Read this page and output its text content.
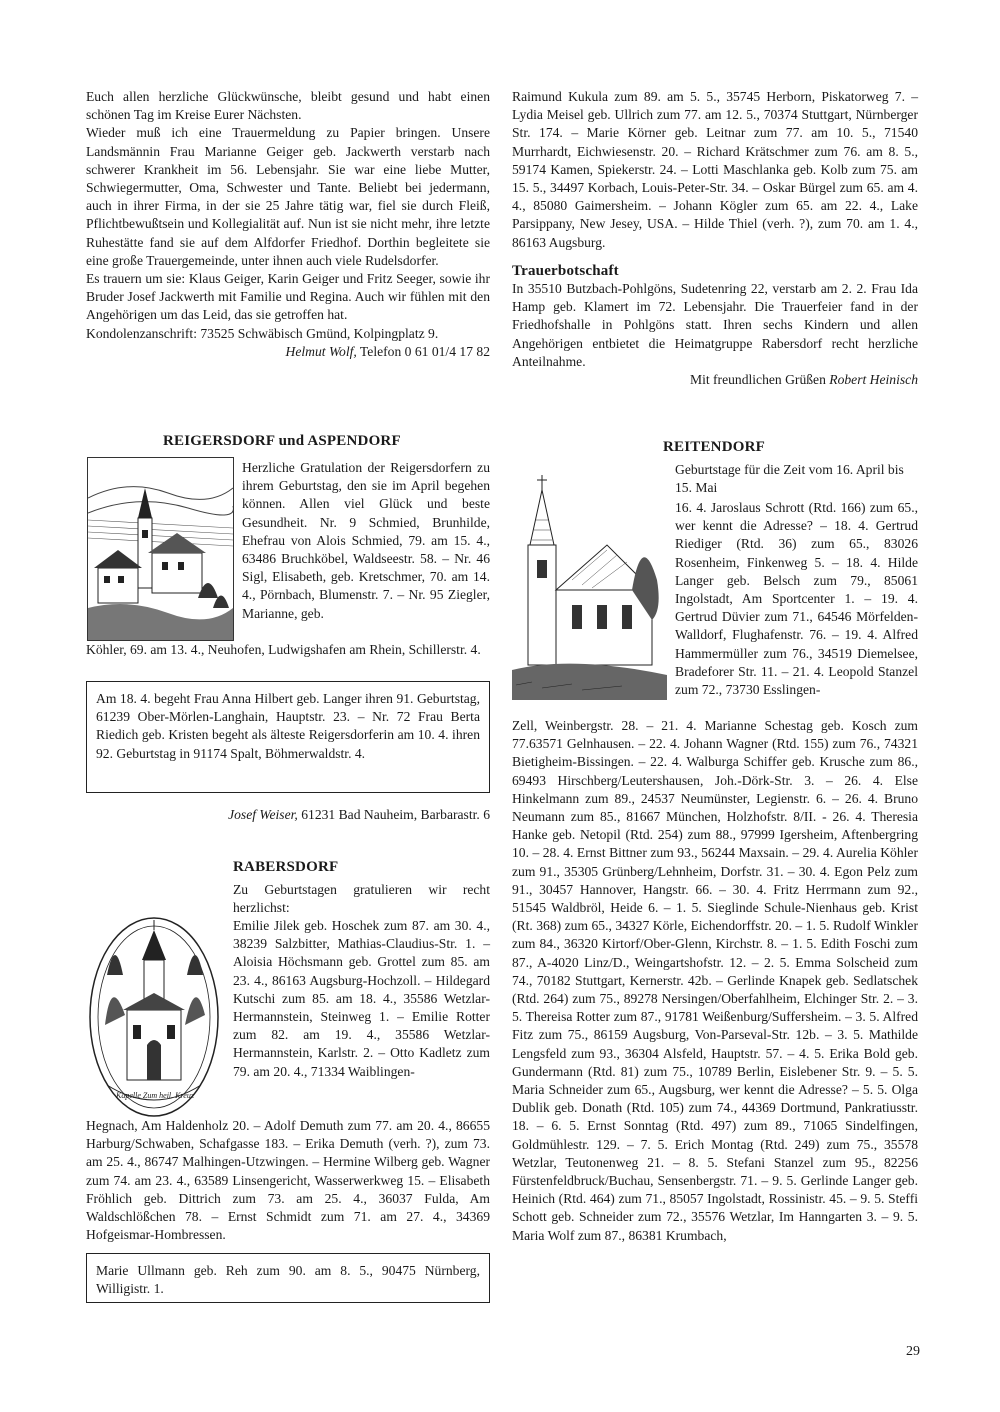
Euch allen herzliche Glückwünsche, bleibt gesund und habt einen schönen Tag im Kreise Eurer Nächsten.

Wieder muß ich eine Trauermeldung zu Papier bringen. Unsere Landsmännin Frau Marianne Geiger geb. Jackwerth verstarb nach schwerer Krankheit im 56. Lebensjahr. Sie war eine liebe Mutter, Schwiegermutter, Oma, Schwester und Tante. Beliebt bei jedermann, auch in ihrer Firma, in der sie 25 Jahre tätig war, fiel sie durch Fleiß, Pflichtbewußtsein und Kollegialität auf. Nun ist sie nicht mehr, ihre letzte Ruhestätte fand sie auf dem Alfdorfer Friedhof. Dorthin begleitete sie eine große Trauergemeinde, unter ihnen auch viele Rudelsdorfer.

Es trauern um sie: Klaus Geiger, Karin Geiger und Fritz Seeger, sowie ihr Bruder Josef Jackwerth mit Familie und Regina. Auch wir fühlen mit den Angehörigen um das Leid, das sie getroffen hat.

Kondolenzanschrift: 73525 Schwäbisch Gmünd, Kolpingplatz 9.

Helmut Wolf, Telefon 0 61 01/4 17 82

Raimund Kukula zum 89. am 5. 5., 35745 Herborn, Piskatorweg 7. – Lydia Meisel geb. Ullrich zum 77. am 12. 5., 70374 Stuttgart, Nürnberger Str. 174. – Marie Körner geb. Leitnar zum 77. am 10. 5., 71540 Murrhardt, Eichwiesenstr. 20. – Richard Krätschmer zum 76. am 8. 5., 59174 Kamen, Spiekerstr. 24. – Lotti Maschlanka geb. Kolb zum 75. am 15. 5., 34497 Korbach, Louis-Peter-Str. 34. – Oskar Bürgel zum 65. am 4. 4., 85080 Gaimersheim. – Johann Kögler zum 65. am 22. 4., Lake Parsippany, New Jesey, USA. – Hilde Thiel (verh. ?), zum 70. am 1. 4., 86163 Augsburg.

Trauerbotschaft

In 35510 Butzbach-Pohlgöns, Sudetenring 22, verstarb am 2. 2. Frau Ida Hamp geb. Klamert im 72. Lebensjahr. Die Trauerfeier fand in der Friedhofshalle in Pohlgöns statt. Ihren sechs Kindern und allen Angehörigen entbietet die Heimatgruppe Rabersdorf recht herzliche Anteilnahme.

Mit freundlichen Grüßen Robert Heinisch

REIGERSDORF und ASPENDORF

Herzliche Gratulation der Reigersdorfern zu ihrem Geburtstag, den sie im April begehen können. Allen viel Glück und beste Gesundheit. Nr. 9 Schmied, Brunhilde, Ehefrau von Alois Schmied, 79. am 15. 4., 63486 Bruchköbel, Waldseestr. 58. – Nr. 46 Sigl, Elisabeth, geb. Kretschmer, 70. am 14. 4., Pörnbach, Blumenstr. 7. – Nr. 95 Ziegler, Marianne, geb.

Köhler, 69. am 13. 4., Neuhofen, Ludwigshafen am Rhein, Schillerstr. 4.

Am 18. 4. begeht Frau Anna Hilbert geb. Langer ihren 91. Geburtstag, 61239 Ober-Mörlen-Langhain, Hauptstr. 23. – Nr. 72 Frau Berta Riedich geb. Kristen begeht als älteste Reigersdorferin am 10. 4. ihren 92. Geburtstag in 91174 Spalt, Böhmerwaldstr. 4.

Josef Weiser, 61231 Bad Nauheim, Barbarastr. 6
RABERSDORF

Zu Geburtstagen gratulieren wir recht herzlichst:

Kapelle Zum heil. Kreuz

Emilie Jilek geb. Hoschek zum 87. am 30. 4., 38239 Salzbitter, Mathias-Claudius-Str. 1. – Aloisia Höchsmann geb. Grottel zum 85. am 23. 4., 86163 Augsburg-Hochzoll. – Hildegard Kutschi zum 85. am 18. 4., 35586 Wetzlar-Hermannstein, Steinweg 1. – Emilie Rotter zum 82. am 19. 4., 35586 Wetzlar-Hermannstein, Karlstr. 2. – Otto Kadletz zum 79. am 20. 4., 71334 Waiblingen-

Hegnach, Am Haldenholz 20. – Adolf Demuth zum 77. am 20. 4., 86655 Harburg/Schwaben, Schafgasse 183. – Erika Demuth (verh. ?), zum 73. am 25. 4., 86747 Malhingen-Utzwingen. – Hermine Wilberg geb. Wagner zum 74. am 23. 4., 63589 Linsengericht, Wasserwerkweg 15. – Elisabeth Fröhlich geb. Dittrich zum 73. am 25. 4., 36037 Fulda, Am Waldschlößchen 78. – Ernst Schmidt zum 71. am 27. 4., 34369 Hofgeismar-Hombressen.

Marie Ullmann geb. Reh zum 90. am 8. 5., 90475 Nürnberg, Willigistr. 1.

REITENDORF

Geburtstage für die Zeit vom 16. April bis 15. Mai

16. 4. Jaroslaus Schrott (Rtd. 166) zum 65., wer kennt die Adresse? – 18. 4. Gertrud Riediger (Rtd. 36) zum 65., 83026 Rosenheim, Finkenweg 5. – 18. 4. Hilde Langer geb. Belsch zum 79., 85061 Ingolstadt, Am Sportcenter 1. – 19. 4. Gertrud Düvier zum 71., 64546 Mörfelden-Walldorf, Flughafenstr. 76. – 19. 4. Alfred Hammermüller zum 76., 34519 Diemelsee, Bradeforer Str. 11. – 21. 4. Leopold Stanzel zum 72., 73730 Esslingen-

Zell, Weinbergstr. 28. – 21. 4. Marianne Schestag geb. Kosch zum 77.63571 Gelnhausen. – 22. 4. Johann Wagner (Rtd. 155) zum 76., 74321 Bietigheim-Bissingen. – 22. 4. Walburga Schiffer geb. Krusche zum 86., 69493 Hirschberg/Leutershausen, Joh.-Dörk-Str. 3. – 26. 4. Else Hinkelmann zum 89., 24537 Neumünster, Legienstr. 6. – 26. 4. Bruno Neumann zum 85., 81667 München, Holzhofstr. 8/II. - 26. 4. Theresia Hanke geb. Netopil (Rtd. 254) zum 88., 97999 Igersheim, Aftenbergring 10. – 28. 4. Ernst Bittner zum 93., 56244 Maxsain. – 29. 4. Aurelia Köhler zum 91., 35305 Grünberg/Lehnheim, Dorfstr. 31. – 30. 4. Egon Pelz zum 91., 30457 Hannover, Hangstr. 66. – 30. 4. Fritz Herrmann zum 92., 51545 Waldbröl, Heide 6. – 1. 5. Sieglinde Schule-Nienhaus geb. Krist (Rt. 368) zum 65., 34327 Körle, Eichendorffstr. 20. – 1. 5. Rudolf Winkler zum 84., 36320 Kirtorf/Ober-Glenn, Kirchstr. 8. – 1. 5. Edith Foschi zum 87., A-4020 Linz/D., Weingartshofstr. 12. – 2. 5. Emma Solscheid zum 74., 70182 Stuttgart, Kernerstr. 42b. – Gerlinde Knapek geb. Sedlatschek (Rtd. 264) zum 75., 89278 Nersingen/Oberfahlheim, Elchinger Str. 2. – 3. 5. Thereisa Rotter zum 87., 91781 Weißenburg/Suffersheim. – 3. 5. Alfred Fitz zum 75., 86159 Augsburg, Von-Parseval-Str. 12b. – 3. 5. Mathilde Lengsfeld zum 93., 36304 Alsfeld, Hauptstr. 57. – 4. 5. Erika Bold geb. Gundermann (Rtd. 81) zum 75., 10789 Berlin, Eislebener Str. 9. – 5. 5. Maria Schneider zum 65., Augsburg, wer kennt die Adresse? – 5. 5. Olga Dublik geb. Donath (Rtd. 105) zum 74., 44369 Dortmund, Pankratiusstr. 18. – 6. 5. Ernst Sonntag (Rtd. 497) zum 89., 71065 Sindelfingen, Goldmühlestr. 129. – 7. 5. Erich Montag (Rtd. 249) zum 75., 35578 Wetzlar, Teutonenweg 21. – 8. 5. Stefani Stanzel zum 95., 82256 Fürstenfeldbruck/Buchau, Sensenbergstr. 71. – 9. 5. Gerlinde Langer geb. Heinich (Rtd. 464) zum 71., 85057 Ingolstadt, Rossinistr. 45. – 9. 5. Steffi Schott geb. Schneider zum 72., 35576 Wetzlar, Im Hanngarten 3. – 9. 5. Maria Wolf zum 87., 86381 Krumbach,

29
